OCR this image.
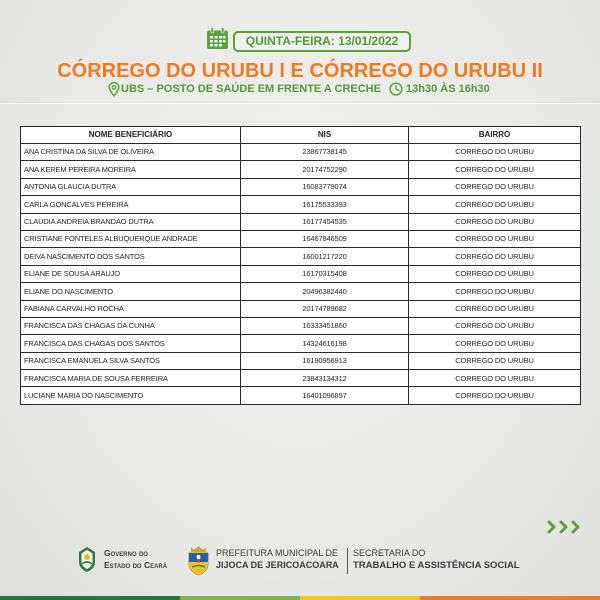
QUINTA-FEIRA: 13/01/2022
CÓRREGO DO URUBU I E CÓRREGO DO URUBU II
UBS – POSTO DE SAÚDE EM FRENTE A CRECHE 13h30 ÀS 16h30
NOME BENEFICIÁRIO	NIS	BAIRRO
ANA CRISTINA DA SILVA DE OLIVEIRA	23867738145	CORREGO DO URUBU
ANA KEREM PEREIRA MOREIRA	20174752290	CORREGO DO URUBU
ANTONIA GLAUCIA DUTRA	16083779074	CORREGO DO URUBU
CARLA GONCALVES PEREIRA	16175533393	CORREGO DO URUBU
CLAUDIA ANDREIA BRANDAO DUTRA	16177454535	CORREGO DO URUBU
CRISTIANE FONTELES ALBUQUERQUE ANDRADE	16467846509	CORREGO DO URUBU
DEIVA NASCIMENTO DOS SANTOS	16001217220	CORREGO DO URUBU
ELIANE DE SOUSA ARAUJO	16170315408	CORREGO DO URUBU
ELIANE DO NASCIMENTO	20496382440	CORREGO DO URUBU
FABIANA CARVALHO ROCHA	20174789682	CORREGO DO URUBU
FRANCISCA DAS CHAGAS DA CUNHA	16333451860	CORREGO DO URUBU
FRANCISCA DAS CHAGAS DOS SANTOS	14324616198	CORREGO DO URUBU
FRANCISCA EMANUELA SILVA SANTOS	16190956913	CORREGO DO URUBU
FRANCISCA MARIA DE SOUSA FERREIRA	23843134312	CORREGO DO URUBU
LUCIANE MARIA DO NASCIMENTO	16401096897	CORREGO DO URUBU
Governo do
Estado do Ceará
PREFEITURA MUNICIPAL DE
JIJOCA DE JERICOACOARA
SECRETARIA DO
TRABALHO E ASSISTÊNCIA SOCIAL
